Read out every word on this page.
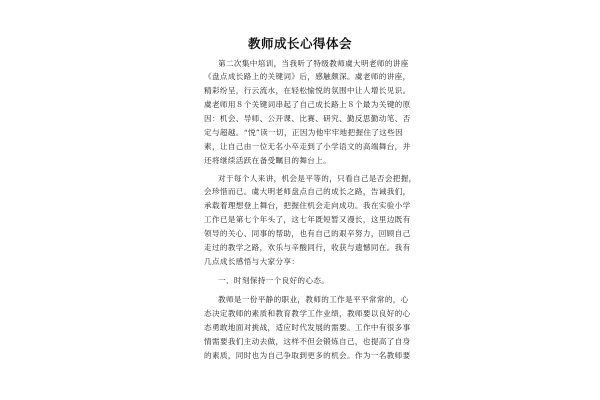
教师成长心得体会
第二次集中培训，当我听了特级教师虞大明老师的讲座
《盘点成长路上的关键词》后，感触颇深。虞老师的讲座，
精彩纷呈，行云流水，在轻松愉悦的氛围中让人增长见识。
虞老师用８个关键词串起了自己成长路上８个最为关键的原
因：机会、导师、公开课、比赛、研究、勤反思勤动笔、否
定与超越。“悦”读一切，正因为他牢牢地把握住了这些因
素，让自己由一位无名小卒走到了小学语文的高端舞台，并
还将继续活跃在备受瞩目的舞台上。
对于每个人来讲，机会是平等的，只看自己是否会把握，
会珍惜而已。虞大明老师盘点自己的成长之路，告诫我们，
承载着理想登上舞台，把握住机会走向成功。我在实验小学
工作已是第七个年头了，这七年既短暂又漫长，这里边既有
领导的关心、同事的帮助，也有自己的艰辛努力，回顾自己
走过的教学之路，欢乐与辛酸同行，收获与遗憾同在。我有
几点成长感悟与大家分享：
一、时刻保持一个良好的心态。
教师是一份平静的职业，教师的工作是平平常常的，心
态决定教师的素质和教育教学工作业绩，教师要以良好的心
态勇敢地面对挑战，适应时代发展的需要。工作中有很多事
情需要我们主动去做，这样不但会锻炼自己，也提高了自身
的素质，同时也为自己争取到更多的机会。作为一名教师要
